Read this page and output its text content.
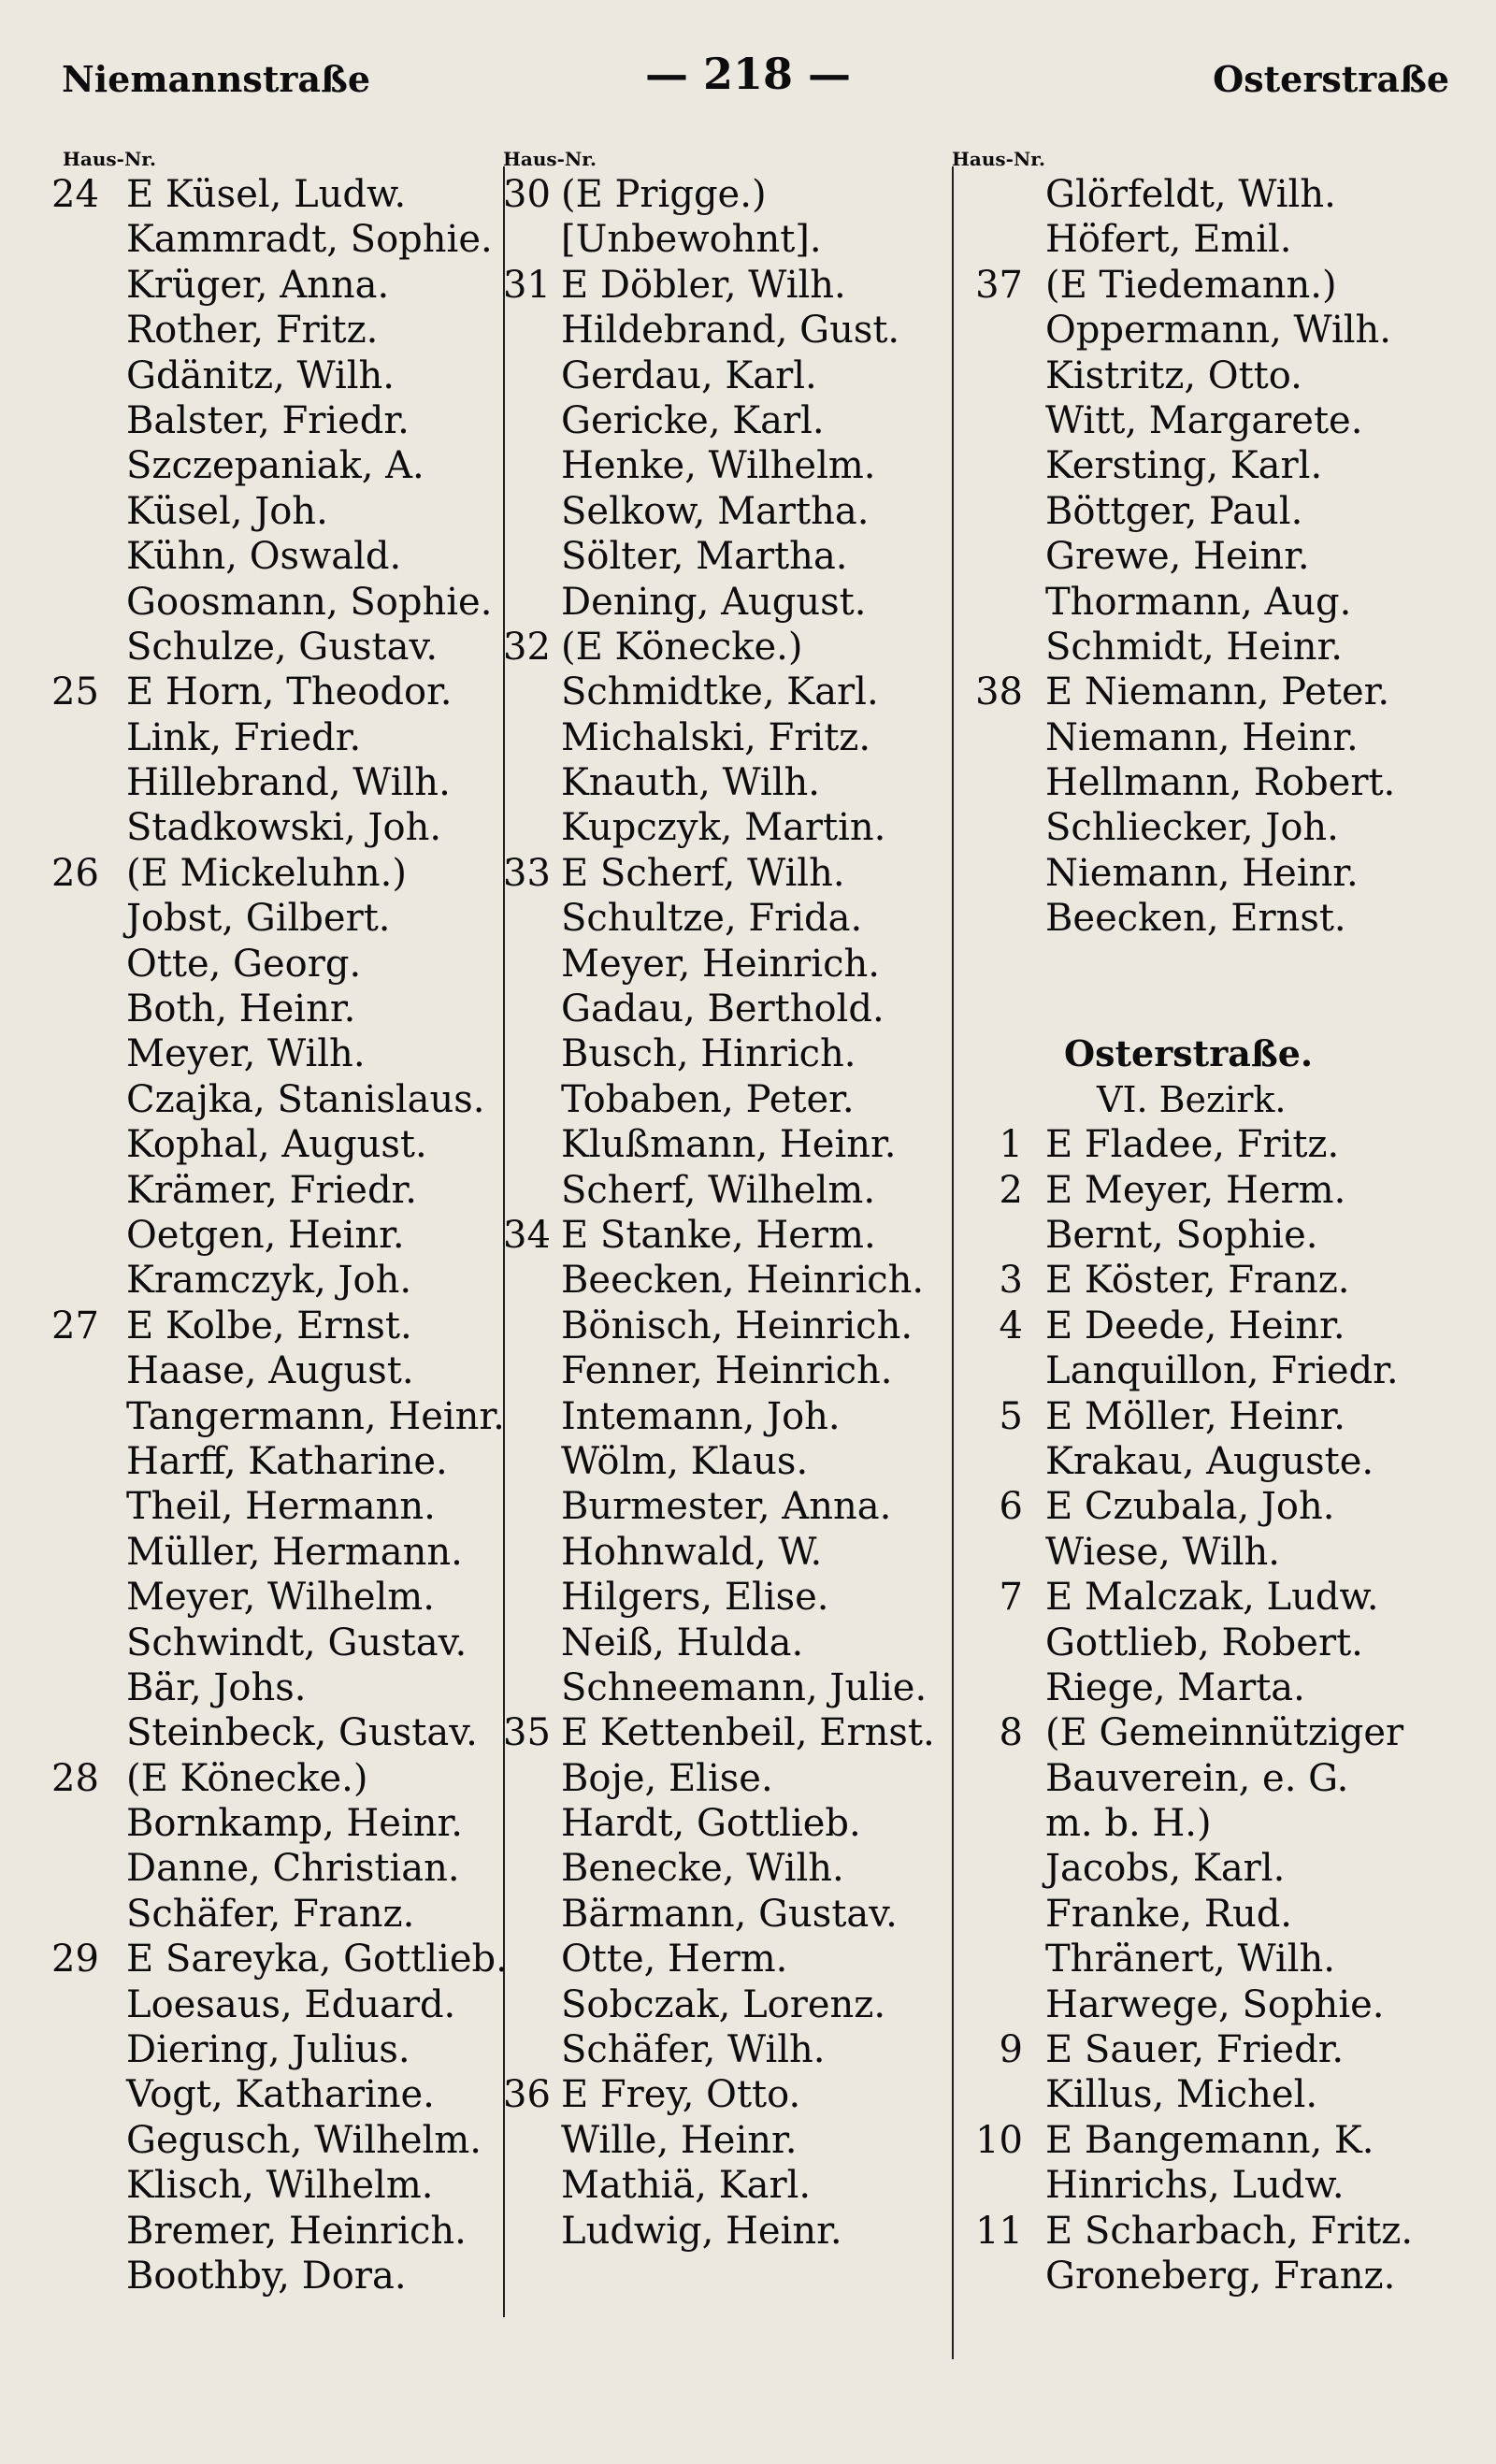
— 218 —
Niemannstraße	Osterstraße
Haus-Nr.
24 E Küsel, Ludw.
Kammradt, Sophie.
Krüger, Anna.
Rother, Fritz.
Gdänitz, Wilh.
Balster, Friedr.
Szczepaniak, A.
Küsel, Joh.
Kühn, Oswald.
Goosmann, Sophie.
Schulze, Gustav.
25 E Horn, Theodor.
Link, Friedr.
Hillebrand, Wilh.
Stadkowski, Joh.
26 (E Mickeluhn.)
Jobst, Gilbert.
Otte, Georg.
Both, Heinr.
Meyer, Wilh.
Czajka, Stanislaus.
Kophal, August.
Krämer, Friedr.
Oetgen, Heinr.
Kramczyk, Joh.
27 E Kolbe, Ernst.
Haase, August.
Tangermann, Heinr.
Harff, Katharine.
Theil, Hermann.
Müller, Hermann.
Meyer, Wilhelm.
Schwindt, Gustav.
Bär, Johs.
Steinbeck, Gustav.
28 (E Könecke.)
Bornkamp, Heinr.
Danne, Christian.
Schäfer, Franz.
29 E Sareyka, Gottlieb.
Loesaus, Eduard.
Diering, Julius.
Vogt, Katharine.
Gegusch, Wilhelm.
Klisch, Wilhelm.
Bremer, Heinrich.
Boothby, Dora.
Haus-Nr.
30 (E Prigge.)
[Unbewohnt].
31 E Döbler, Wilh.
Hildebrand, Gust.
Gerdau, Karl.
Gericke, Karl.
Henke, Wilhelm.
Selkow, Martha.
Sölter, Martha.
Dening, August.
32 (E Könecke.)
Schmidtke, Karl.
Michalski, Fritz.
Knauth, Wilh.
Kupczyk, Martin.
33 E Scherf, Wilh.
Schultze, Frida.
Meyer, Heinrich.
Gadau, Berthold.
Busch, Hinrich.
Tobaben, Peter.
Klußmann, Heinr.
Scherf, Wilhelm.
34 E Stanke, Herm.
Beecken, Heinrich.
Bönisch, Heinrich.
Fenner, Heinrich.
Intemann, Joh.
Wölm, Klaus.
Burmester, Anna.
Hohnwald, W.
Hilgers, Elise.
Neiß, Hulda.
Schneemann, Julie.
35 E Kettenbeil, Ernst.
Boje, Elise.
Hardt, Gottlieb.
Benecke, Wilh.
Bärmann, Gustav.
Otte, Herm.
Sobczak, Lorenz.
Schäfer, Wilh.
36 E Frey, Otto.
Wille, Heinr.
Mathiä, Karl.
Ludwig, Heinr.
Haus-Nr.
Glörfeldt, Wilh.
Höfert, Emil.
37 (E Tiedemann.)
Oppermann, Wilh.
Kistritz, Otto.
Witt, Margarete.
Kersting, Karl.
Böttger, Paul.
Grewe, Heinr.
Thormann, Aug.
Schmidt, Heinr.
38 E Niemann, Peter.
Niemann, Heinr.
Hellmann, Robert.
Schliecker, Joh.
Niemann, Heinr.
Beecken, Ernst.
Osterstraße.
VI. Bezirk.
1 E Fladee, Fritz.
2 E Meyer, Herm.
Bernt, Sophie.
3 E Köster, Franz.
4 E Deede, Heinr.
Lanquillon, Friedr.
5 E Möller, Heinr.
Krakau, Auguste.
6 E Czubala, Joh.
Wiese, Wilh.
7 E Malczak, Ludw.
Gottlieb, Robert.
Riege, Marta.
8 (E Gemeinnütziger
Bauverein, e. G.
m. b. H.)
Jacobs, Karl.
Franke, Rud.
Thränert, Wilh.
Harwege, Sophie.
9 E Sauer, Friedr.
Killus, Michel.
10 E Bangemann, K.
Hinrichs, Ludw.
11 E Scharbach, Fritz.
Groneberg, Franz.
